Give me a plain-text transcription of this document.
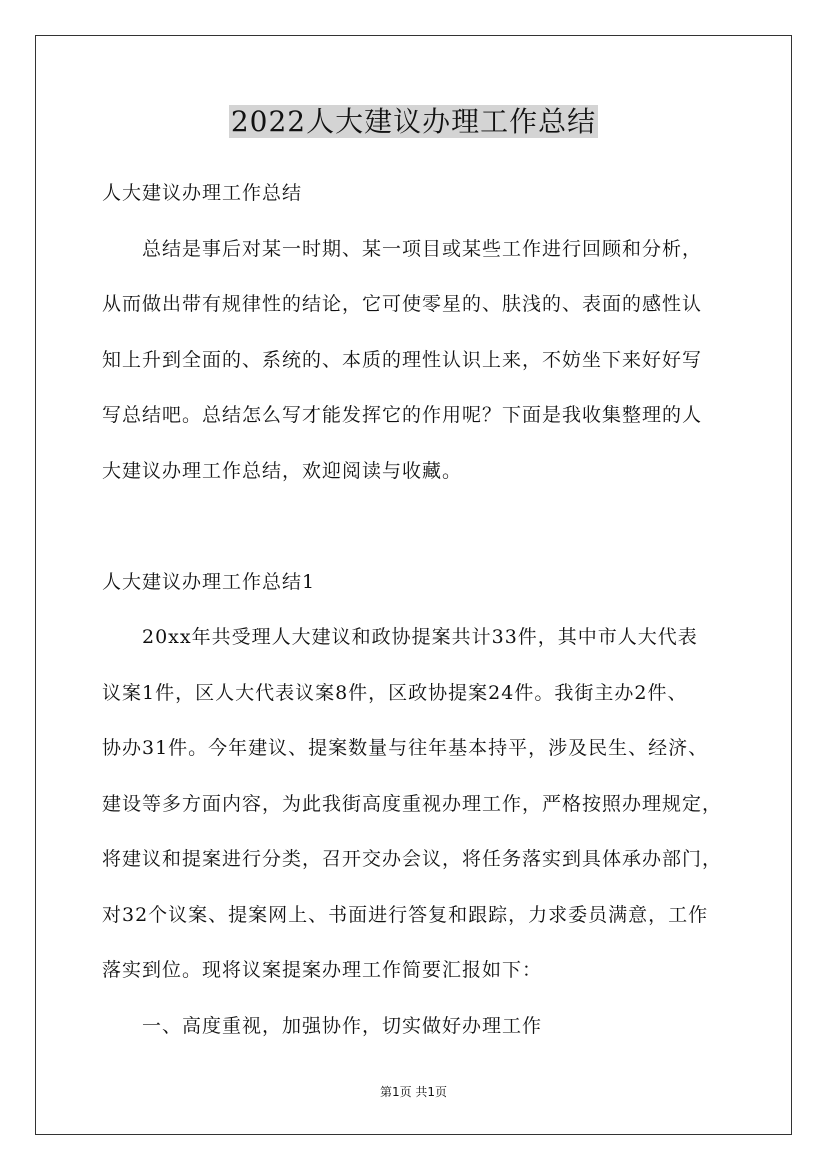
2022人大建议办理工作总结
人大建议办理工作总结
总结是事后对某一时期、某一项目或某些工作进行回顾和分析，
从而做出带有规律性的结论，它可使零星的、肤浅的、表面的感性认
知上升到全面的、系统的、本质的理性认识上来，不妨坐下来好好写
写总结吧。总结怎么写才能发挥它的作用呢？下面是我收集整理的人
大建议办理工作总结，欢迎阅读与收藏。
人大建议办理工作总结1
20xx年共受理人大建议和政协提案共计33件，其中市人大代表
议案1件，区人大代表议案8件，区政协提案24件。我街主办2件、
协办31件。今年建议、提案数量与往年基本持平，涉及民生、经济、
建设等多方面内容，为此我街高度重视办理工作，严格按照办理规定，
将建议和提案进行分类，召开交办会议，将任务落实到具体承办部门，
对32个议案、提案网上、书面进行答复和跟踪，力求委员满意，工作
落实到位。现将议案提案办理工作简要汇报如下：
一、高度重视，加强协作，切实做好办理工作
第1页 共1页
